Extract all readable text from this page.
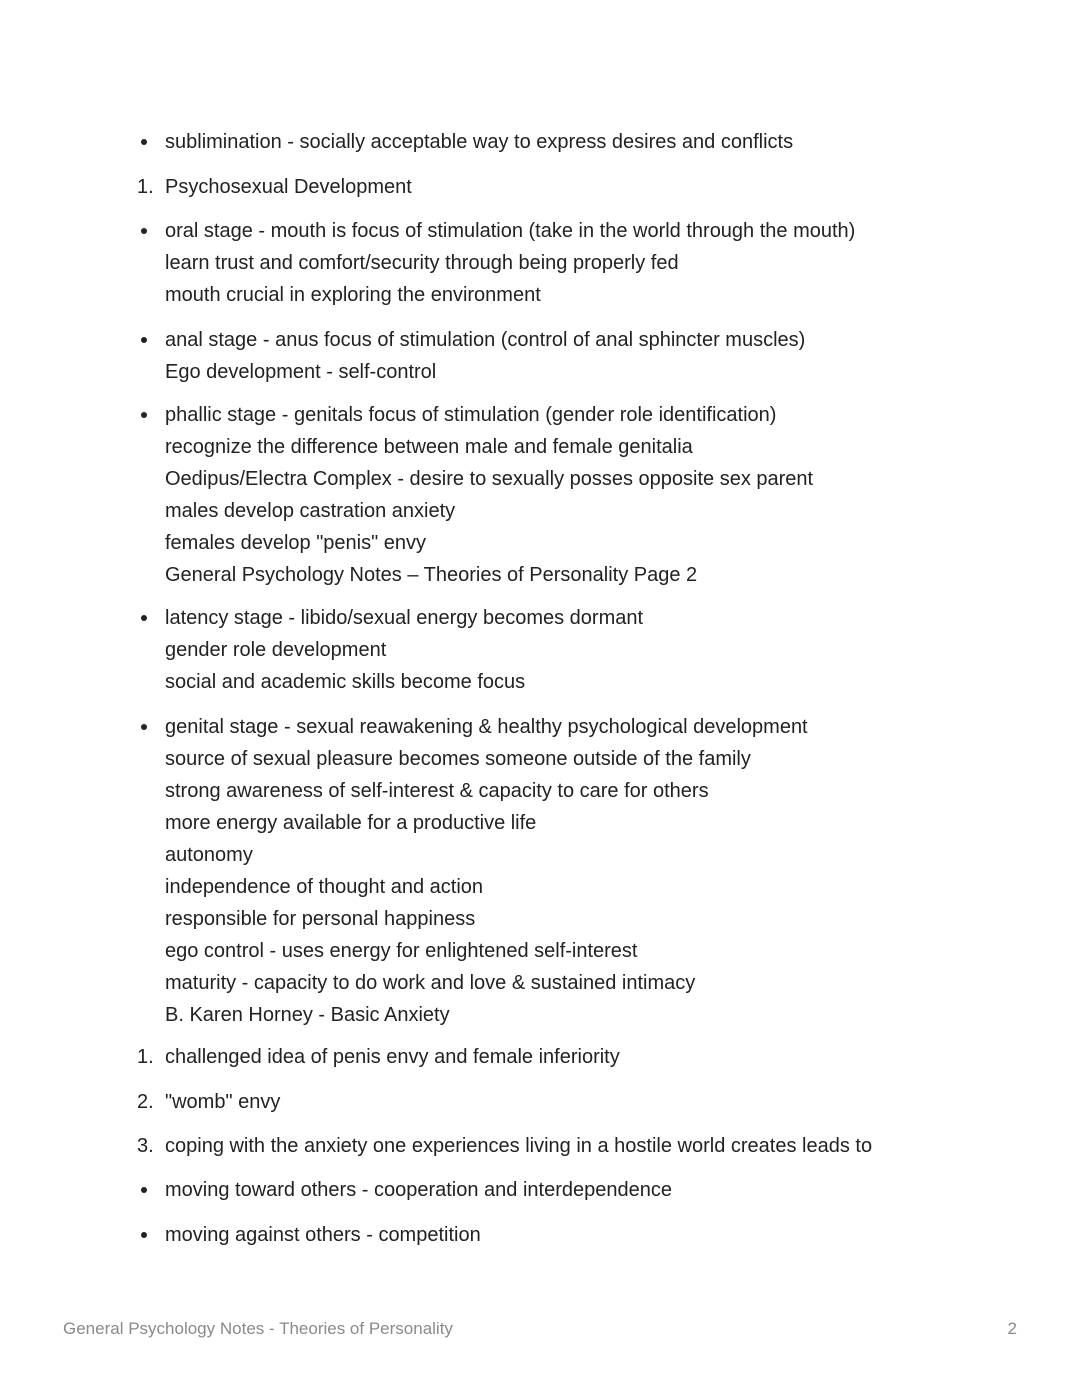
sublimination - socially acceptable way to express desires and conflicts
1. Psychosexual Development
oral stage - mouth is focus of stimulation (take in the world through the mouth)
learn trust and comfort/security through being properly fed
mouth crucial in exploring the environment
anal stage - anus focus of stimulation (control of anal sphincter muscles)
Ego development - self-control
phallic stage - genitals focus of stimulation (gender role identification)
recognize the difference between male and female genitalia
Oedipus/Electra Complex - desire to sexually posses opposite sex parent
males develop castration anxiety
females develop "penis" envy
General Psychology Notes – Theories of Personality Page 2
latency stage - libido/sexual energy becomes dormant
gender role development
social and academic skills become focus
genital stage - sexual reawakening & healthy psychological development
source of sexual pleasure becomes someone outside of the family
strong awareness of self-interest & capacity to care for others
more energy available for a productive life
autonomy
independence of thought and action
responsible for personal happiness
ego control - uses energy for enlightened self-interest
maturity - capacity to do work and love & sustained intimacy
B. Karen Horney - Basic Anxiety
1. challenged idea of penis envy and female inferiority
2. "womb" envy
3. coping with the anxiety one experiences living in a hostile world creates leads to
moving toward others - cooperation and interdependence
moving against others - competition
General Psychology Notes - Theories of Personality	2
